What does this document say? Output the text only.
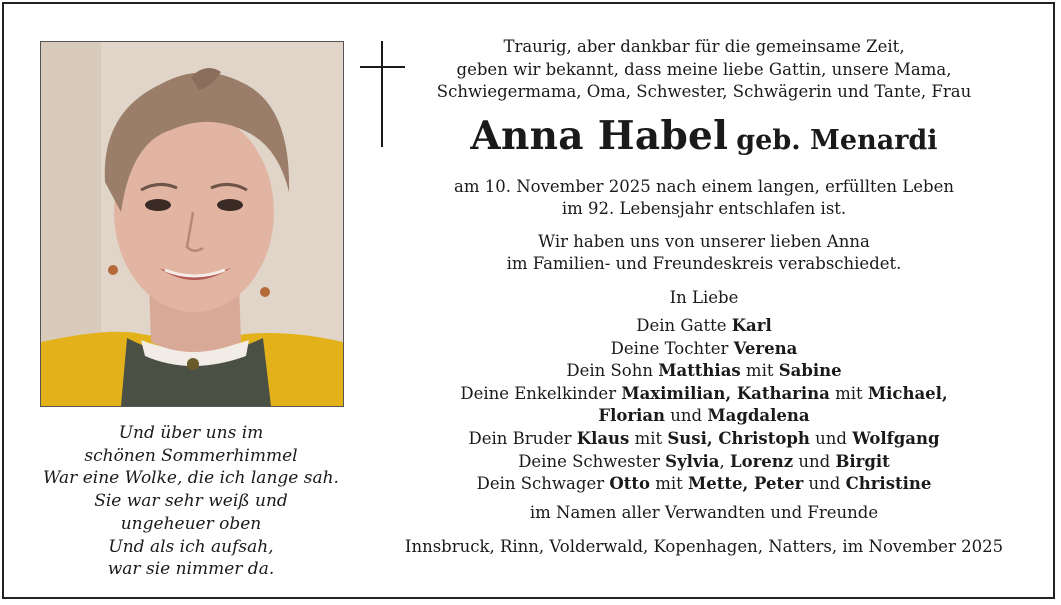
Und über uns im
schönen Sommerhimmel
War eine Wolke, die ich lange sah.
Sie war sehr weiß und
ungeheuer oben
Und als ich aufsah,
war sie nimmer da.
Traurig, aber dankbar für die gemeinsame Zeit,
geben wir bekannt, dass meine liebe Gattin, unsere Mama,
Schwiegermama, Oma, Schwester, Schwägerin und Tante, Frau
Anna Habel geb. Menardi
am 10. November 2025 nach einem langen, erfüllten Leben
im 92. Lebensjahr entschlafen ist.
Wir haben uns von unserer lieben Anna
im Familien- und Freundeskreis verabschiedet.
In Liebe
Dein Gatte Karl
Deine Tochter Verena
Dein Sohn Matthias mit Sabine
Deine Enkelkinder Maximilian, Katharina mit Michael,
Florian und Magdalena
Dein Bruder Klaus mit Susi, Christoph und Wolfgang
Deine Schwester Sylvia, Lorenz und Birgit
Dein Schwager Otto mit Mette, Peter und Christine
im Namen aller Verwandten und Freunde
Innsbruck, Rinn, Volderwald, Kopenhagen, Natters, im November 2025
